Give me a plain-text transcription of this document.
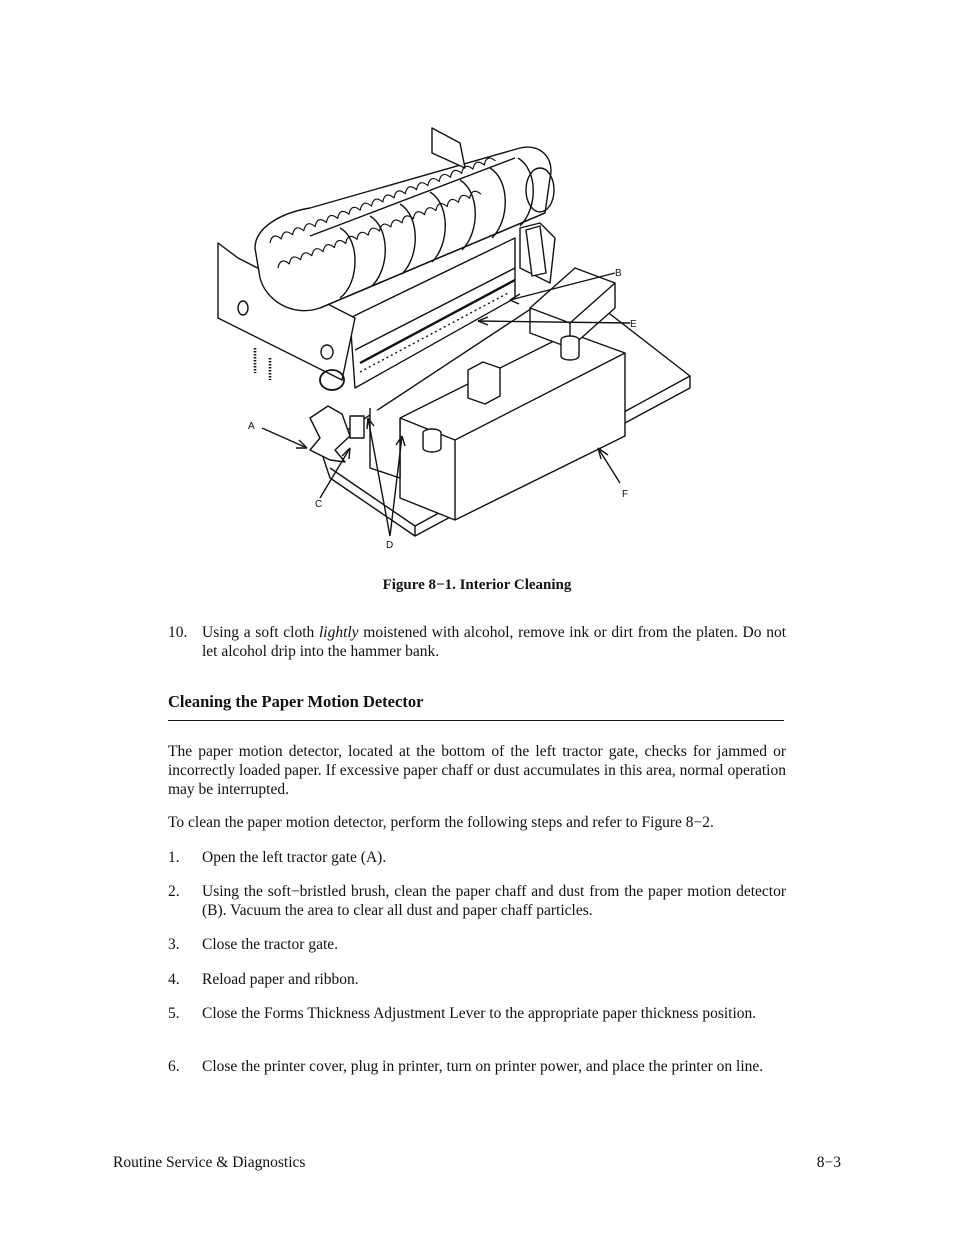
B
E
A
C
D
F
Figure 8−1. Interior Cleaning
10. Using a soft cloth lightly moistened with alcohol, remove ink or dirt from the platen. Do not let alcohol drip into the hammer bank.
Cleaning the Paper Motion Detector
The paper motion detector, located at the bottom of the left tractor gate, checks for jammed or incorrectly loaded paper. If excessive paper chaff or dust accumulates in this area, normal operation may be interrupted.
To clean the paper motion detector, perform the following steps and refer to Figure 8−2.
1. Open the left tractor gate (A).
2. Using the soft−bristled brush, clean the paper chaff and dust from the paper motion detector (B). Vacuum the area to clear all dust and paper chaff particles.
3. Close the tractor gate.
4. Reload paper and ribbon.
5. Close the Forms Thickness Adjustment Lever to the appropriate paper thickness position.
6. Close the printer cover, plug in printer, turn on printer power, and place the printer on line.
Routine Service & Diagnostics	8−3
